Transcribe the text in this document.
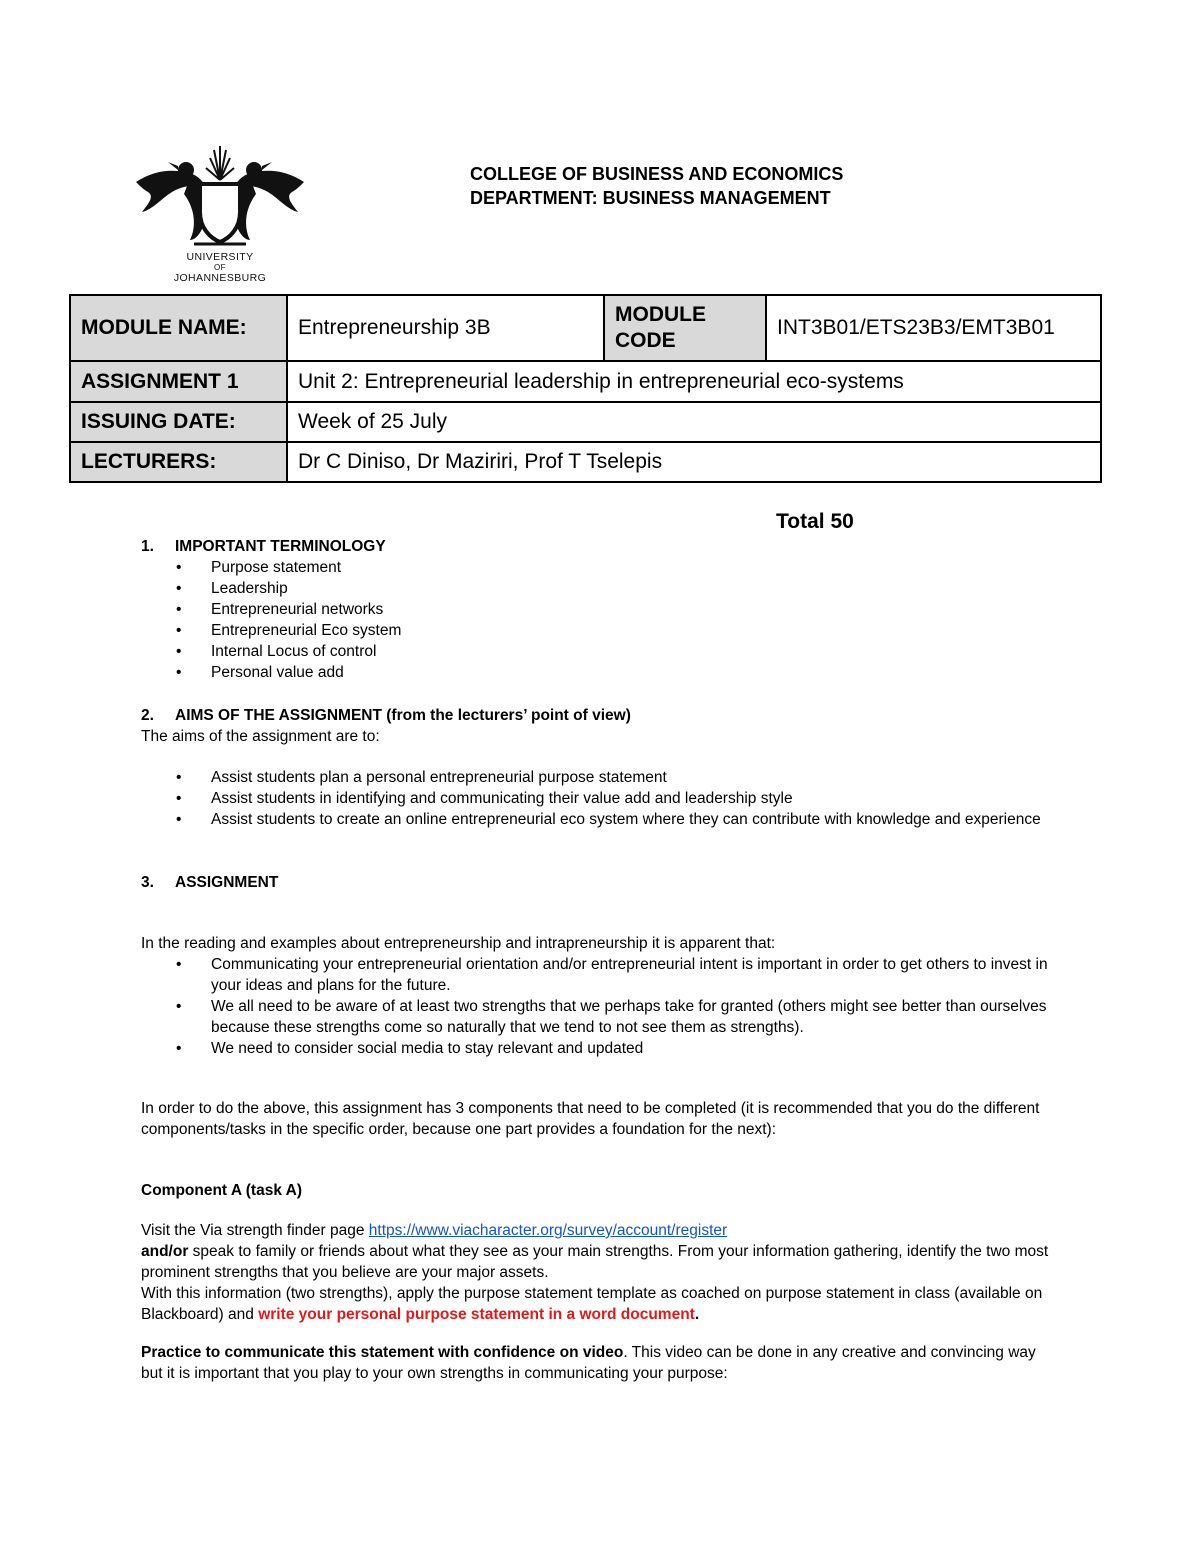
UNIVERSITY
OF
JOHANNESBURG
COLLEGE OF BUSINESS AND ECONOMICS
DEPARTMENT: BUSINESS MANAGEMENT
MODULE NAME:	Entrepreneurship 3B	MODULE CODE	INT3B01/ETS23B3/EMT3B01
ASSIGNMENT 1	Unit 2: Entrepreneurial leadership in entrepreneurial eco-systems		
ISSUING DATE:	Week of 25 July		
LECTURERS:	Dr C Diniso, Dr Maziriri, Prof T Tselepis		
Total 50
1. IMPORTANT TERMINOLOGY
• Purpose statement
• Leadership
• Entrepreneurial networks
• Entrepreneurial Eco system
• Internal Locus of control
• Personal value add
2. AIMS OF THE ASSIGNMENT (from the lecturers’ point of view)
The aims of the assignment are to:
• Assist students plan a personal entrepreneurial purpose statement
• Assist students in identifying and communicating their value add and leadership style
• Assist students to create an online entrepreneurial eco system where they can contribute with knowledge and experience
3. ASSIGNMENT
In the reading and examples about entrepreneurship and intrapreneurship it is apparent that:
• Communicating your entrepreneurial orientation and/or entrepreneurial intent is important in order to get others to invest in your ideas and plans for the future.
• We all need to be aware of at least two strengths that we perhaps take for granted (others might see better than ourselves because these strengths come so naturally that we tend to not see them as strengths).
• We need to consider social media to stay relevant and updated
In order to do the above, this assignment has 3 components that need to be completed (it is recommended that you do the different components/tasks in the specific order, because one part provides a foundation for the next):
Component A (task A)

Visit the Via strength finder page https://www.viacharacter.org/survey/account/register

and/or speak to family or friends about what they see as your main strengths. From your information gathering, identify the two most prominent strengths that you believe are your major assets.

With this information (two strengths), apply the purpose statement template as coached on purpose statement in class (available on Blackboard) and write your personal purpose statement in a word document.

Practice to communicate this statement with confidence on video. This video can be done in any creative and convincing way but it is important that you play to your own strengths in communicating your purpose:
